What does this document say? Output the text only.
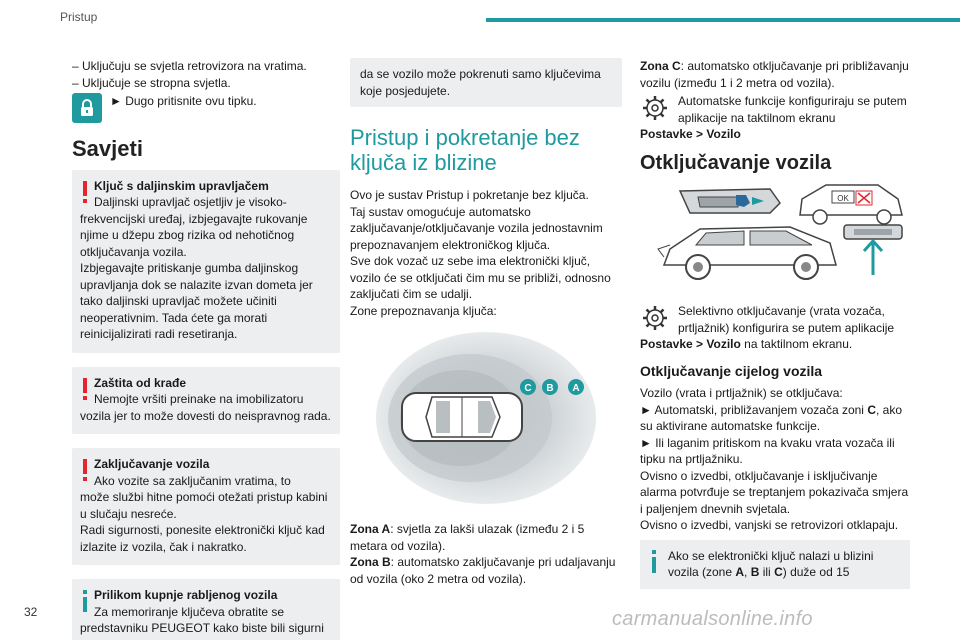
Pristup

– Uključuju se svjetla retrovizora na vratima.

– Uključuje se stropna svjetla.

► Dugo pritisnite ovu tipku.
Savjeti
Ključ s daljinskim upravljačem
Daljinski upravljač osjetljiv je visoko-
frekvencijski uređaj, izbjegavajte rukovanje njime u džepu zbog rizika od nehotičnog otključavanja vozila.
Izbjegavajte pritiskanje gumba daljinskog upravljanja dok se nalazite izvan dometa jer tako daljinski upravljač možete učiniti neoperativnim. Tada ćete ga morati reinicijalizirati radi resetiranja.
Zaštita od krađe
Nemojte vršiti preinake na imobilizatoru
vozila jer to može dovesti do neispravnog rada.
Zaključavanje vozila
Ako vozite sa zaključanim vratima, to
može službi hitne pomoći otežati pristup kabini u slučaju nesreće.
Radi sigurnosti, ponesite elektronički ključ kad izlazite iz vozila, čak i nakratko.
Prilikom kupnje rabljenog vozila
Za memoriranje ključeva obratite se
predstavniku PEUGEOT kako biste bili sigurni
da se vozilo može pokrenuti samo ključevima koje posjedujete.
Pristup i pokretanje bez ključa iz blizine

Ovo je sustav Pristup i pokretanje bez ključa.

Taj sustav omogućuje automatsko zaključavanje/otključavanje vozila jednostavnim prepoznavanjem elektroničkog ključa.

Sve dok vozač uz sebe ima elektronički ključ, vozilo će se otključati čim mu se približi, odnosno zaključati čim se udalji.

Zone prepoznavanja ključa:

C B A

Zona A: svjetla za lakši ulazak (između 2 i 5 metara od vozila).

Zona B: automatsko zaključavanje pri udaljavanju od vozila (oko 2 metra od vozila).

Zona C: automatsko otključavanje pri približavanju vozilu (između 1 i 2 metra od vozila).

Automatske funkcije konfiguriraju se putem aplikacije na taktilnom ekranu

Postavke > Vozilo

Otključavanje vozila
OK
Selektivno otključavanje (vrata vozača, prtljažnik) konfigurira se putem aplikacije

Postavke > Vozilo na taktilnom ekranu.

Otključavanje cijelog vozila

Vozilo (vrata i prtljažnik) se otključava:

► Automatski, približavanjem vozača zoni C, ako su aktivirane automatske funkcije.

► Ili laganim pritiskom na kvaku vrata vozača ili tipku na prtljažniku.

Ovisno o izvedbi, otključavanje i isključivanje alarma potvrđuje se treptanjem pokazivača smjera i paljenjem dnevnih svjetala.

Ovisno o izvedbi, vanjski se retrovizori otklapaju.

Ako se elektronički ključ nalazi u blizini vozila (zone A, B ili C) duže od 15
32	carmanualsonline.info
